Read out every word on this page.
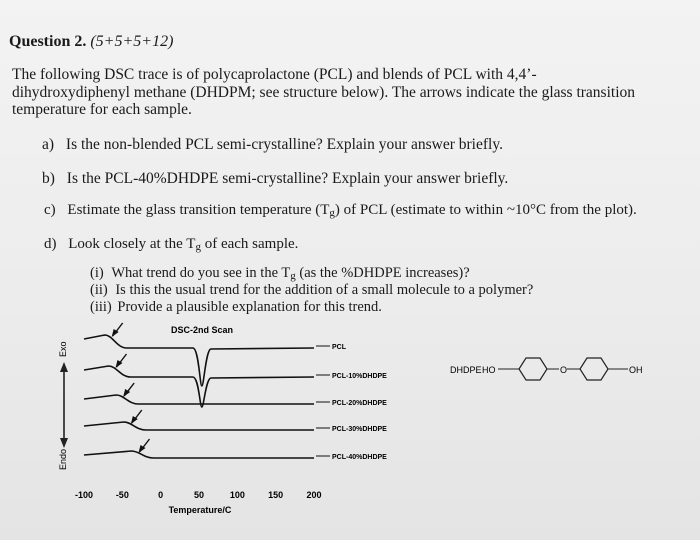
Question 2. (5+5+5+12)
The following DSC trace is of polycaprolactone (PCL) and blends of PCL with 4,4’-dihydroxydiphenyl methane (DHDPM; see structure below). The arrows indicate the glass transition temperature for each sample.
a) Is the non-blended PCL semi-crystalline? Explain your answer briefly.
b) Is the PCL-40%DHDPE semi-crystalline? Explain your answer briefly.
c) Estimate the glass transition temperature (Tg) of PCL (estimate to within ~10°C from the plot).
d) Look closely at the Tg of each sample.
(i) What trend do you see in the Tg (as the %DHDPE increases)?
(ii) Is this the usual trend for the addition of a small molecule to a polymer?
(iii) Provide a plausible explanation for this trend.
DSC-2nd Scan
Exo
Endo
PCL
PCL-10%DHDPE
PCL-20%DHDPE
PCL-30%DHDPE
PCL-40%DHDPE
-100	-50	0	50	100	150	200
Temperature/C
DHDPE HO	O	OH
